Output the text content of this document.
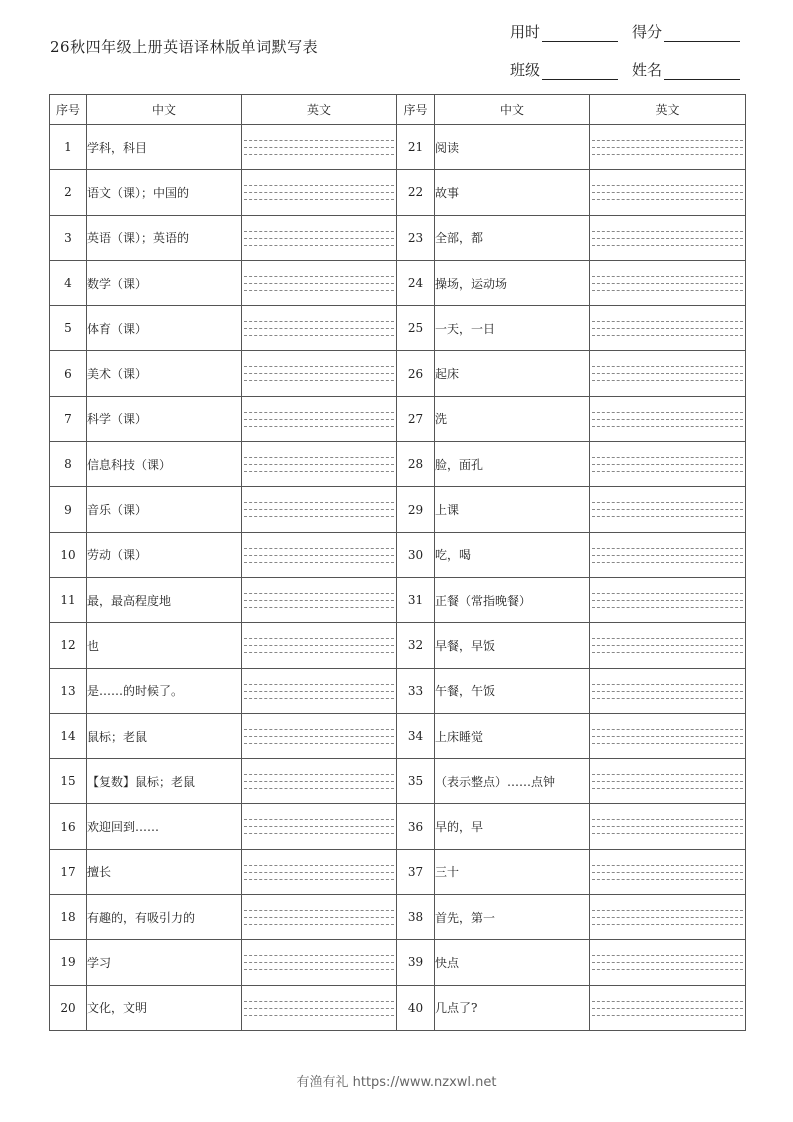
26秋四年级上册英语译林版单词默写表
用时	得分
班级	姓名
序号	中文	英文	序号	中文	英文
1	学科，科目		21	阅读	

2	语文（课）；中国的		22	故事	

3	英语（课）；英语的		23	全部，都	

4	数学（课）		24	操场，运动场	

5	体育（课）		25	一天，一日	

6	美术（课）		26	起床	

7	科学（课）		27	洗	

8	信息科技（课）		28	脸，面孔	

9	音乐（课）		29	上课	

10	劳动（课）		30	吃，喝	

11	最，最高程度地		31	正餐（常指晚餐）	

12	也		32	早餐，早饭	

13	是……的时候了。		33	午餐，午饭	

14	鼠标；老鼠		34	上床睡觉	

15	【复数】鼠标；老鼠		35	（表示整点）……点钟	

16	欢迎回到……		36	早的，早	

17	擅长		37	三十	

18	有趣的，有吸引力的		38	首先，第一	

19	学习		39	快点	

20	文化，文明		40	几点了?	
有渔有礼 https://www.nzxwl.net
